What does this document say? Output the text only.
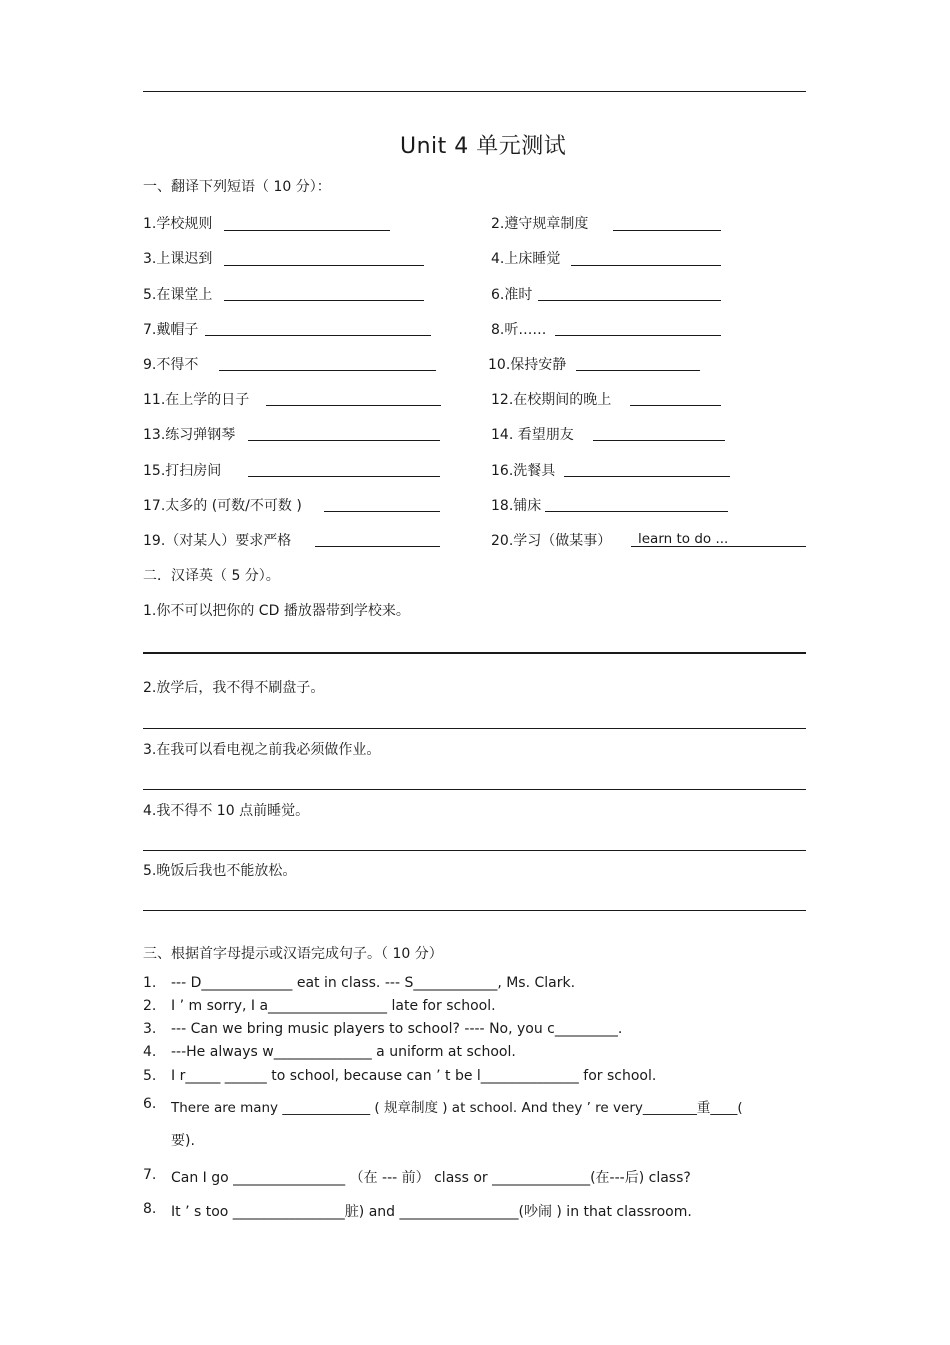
Unit 4 单元测试
一、翻译下列短语（ 10 分）：
1.学校规则
3.上课迟到
5.在课堂上
7.戴帽子
9.不得不
11.在上学的日子
13.练习弹钢琴
15.打扫房间
17.太多的 (可数/不可数 )
19.（对某人）要求严格
2.遵守规章制度
4.上床睡觉
6.准时
8.听……
10.保持安静
12.在校期间的晚上
14. 看望朋友
16.洗餐具
18.铺床
20.学习（做某事） learn to do ...
二．汉译英（ 5 分）。
1.你不可以把你的 CD 播放器带到学校来。
2.放学后，我不得不刷盘子。
3.在我可以看电视之前我必须做作业。
4.我不得不 10 点前睡觉。
5.晚饭后我也不能放松。
三、根据首字母提示或汉语完成句子。（ 10 分）
1. --- D_____________ eat in class. --- S____________, Ms. Clark.
2. I ’ m sorry, I a_________________ late for school.
3. --- Can we bring music players to school? ---- No, you c_________.
4. ---He always w______________ a uniform at school.
5. I r_____ ______ to school, because can ’ t be l______________ for school.
6. There are many _____________ ( 规章制度 ) at school. And they ’ re very________重____(
要).
7. Can I go ________________ （在 --- 前） class or ______________(在---后) class?
8. It ’ s too ________________脏) and _________________(吵闹 ) in that classroom.
